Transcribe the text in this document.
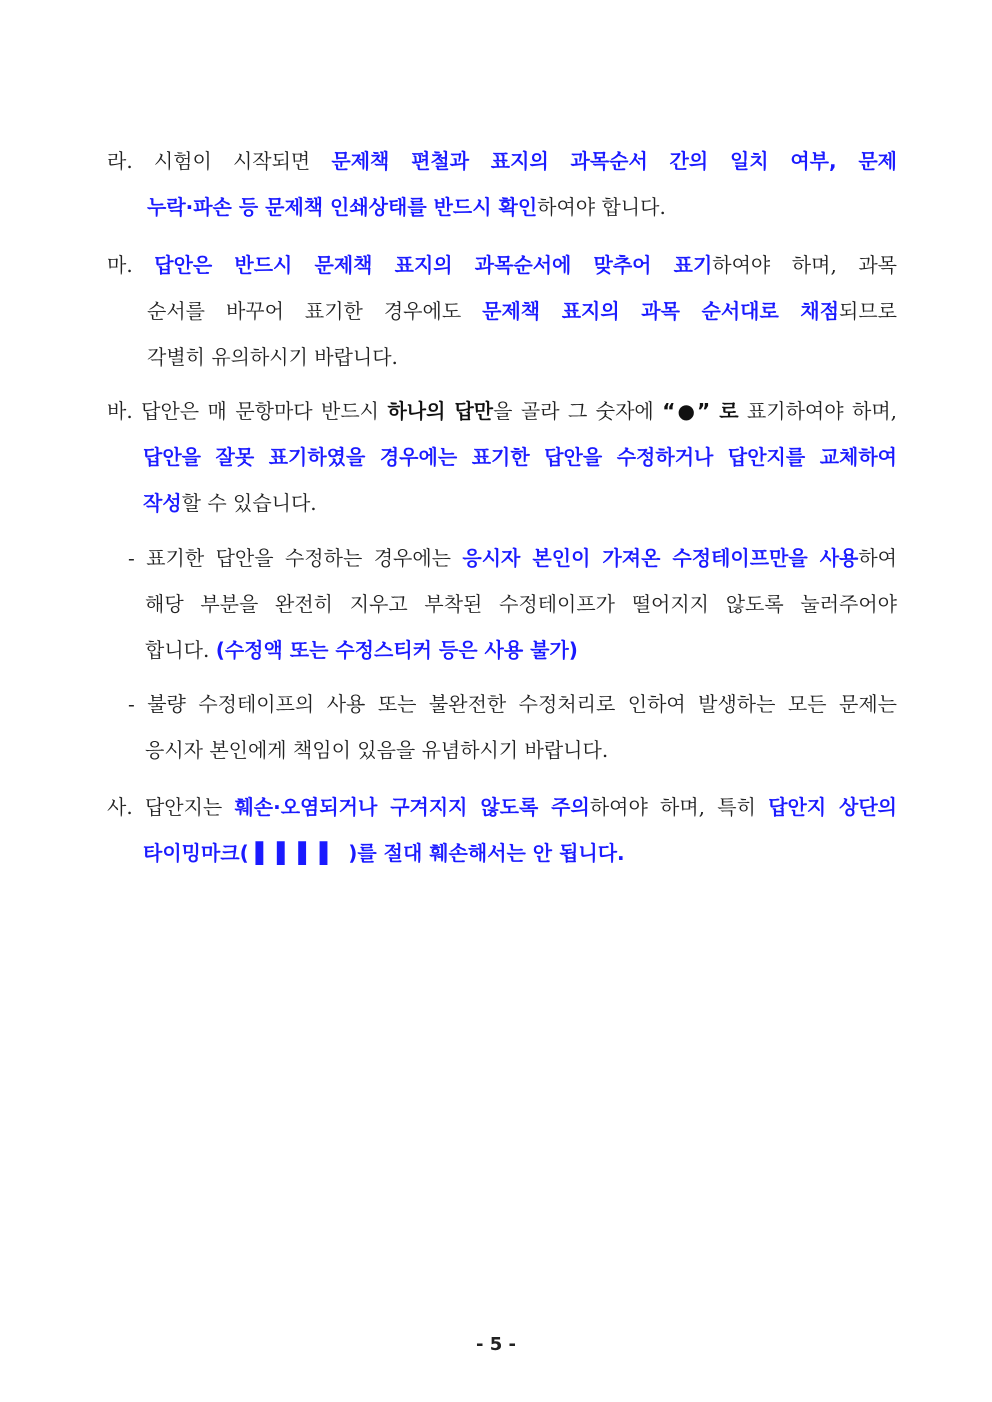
라. 시험이 시작되면 문제책 편철과 표지의 과목순서 간의 일치 여부, 문제
누락·파손 등 문제책 인쇄상태를 반드시 확인하여야 합니다.
마. 답안은 반드시 문제책 표지의 과목순서에 맞추어 표기하여야 하며, 과목
순서를 바꾸어 표기한 경우에도 문제책 표지의 과목 순서대로 채점되므로
각별히 유의하시기 바랍니다.
바. 답안은 매 문항마다 반드시 하나의 답만을 골라 그 숫자에 “●” 로 표기하여야 하며,
답안을 잘못 표기하였을 경우에는 표기한 답안을 수정하거나 답안지를 교체하여
작성할 수 있습니다.
- 표기한 답안을 수정하는 경우에는 응시자 본인이 가져온 수정테이프만을 사용하여
해당 부분을 완전히 지우고 부착된 수정테이프가 떨어지지 않도록 눌러주어야
합니다. (수정액 또는 수정스티커 등은 사용 불가)
- 불량 수정테이프의 사용 또는 불완전한 수정처리로 인하여 발생하는 모든 문제는
응시자 본인에게 책임이 있음을 유념하시기 바랍니다.
사. 답안지는 훼손·오염되거나 구겨지지 않도록 주의하여야 하며, 특히 답안지 상단의
타이밍마크( ▌▌▌▌ )를 절대 훼손해서는 안 됩니다.
- 5 -
